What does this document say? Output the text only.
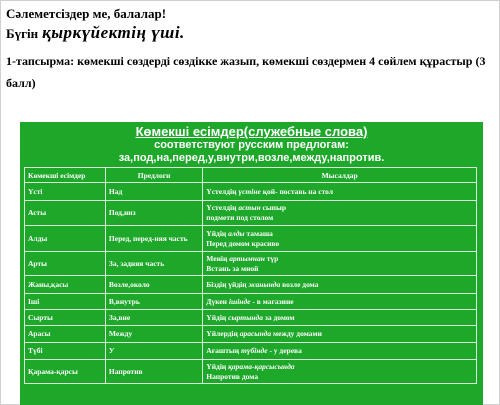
Сәлеметсіздер ме, балалар!
Бүгін қыркүйектің үші.
1-тапсырма: көмекші сөздерді сөздікке жазып, көмекші сөздермен 4 сөйлем құрастыр (3 балл)
Көмекші есімдер(служебные слова)
соответствуют русским предлогам:
за,под,на,перед,у,внутри,возле,между,напротив.
Көмекші есімдер	Предлоги	Мысалдар
Үсті	Над	Үстелдің үстіне қой- поставь на стол

Асты	Под,низ	Үстелдің астын сыпыр
подмети под столом

Алды	Перед, перед-няя часть	Үйдің алды тамаша
Перед домом красиво

Арты	За, задняя часть	Менің артымнан түр
Встань за мной

Жаны,қасы	Возле,около	Біздің үйдің жанында возле дома

Іші	В,внутрь	Дүкен ішінде - в магазине

Сырты	За,вне	Үйдің сыртында за домом

Арасы	Между	Үйлердің арасында между домами

Түбі	У	Ағаштың түбінде - у дерева

Қарама-қарсы	Напротив	Үйдің қарама-қарсысында
Напротив дома
